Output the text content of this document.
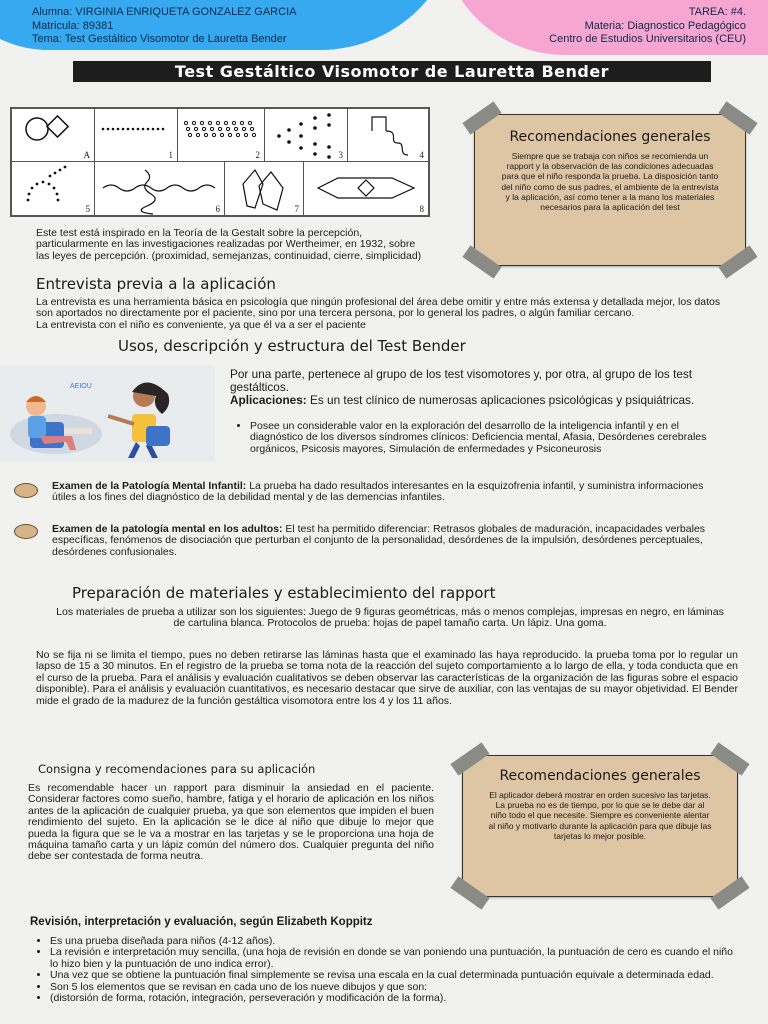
Alumna: VIRGINIA ENRIQUETA GONZALEZ GARCIA
Matricula: 89381
Tema: Test Gestáltico Visomotor de Lauretta Bender
TAREA: #4.
Materia: Diagnostico Pedagógico
Centro de Estudios Universitarios (CEU)
Test Gestáltico Visomotor de Lauretta Bender
A	1	2	3	4
5	6	7	8
Este test está inspirado en la Teoría de la Gestalt sobre la percepción, particularmente en las investigaciones realizadas por Wertheimer, en 1932, sobre las leyes de percepción. (proximidad, semejanzas, continuidad, cierre, simplicidad)
Recomendaciones generales

Siempre que se trabaja con niños se recomienda un rapport y la observación de las condiciones adecuadas para que el niño responda la prueba. La disposición tanto del niño como de sus padres, el ambiente de la entrevista y la aplicación, así como tener a la mano los materiales necesarios para la aplicación del test

Entrevista previa a la aplicación
La entrevista es una herramienta básica en psicología que ningún profesional del área debe omitir y entre más extensa y detallada mejor, los datos son aportados no directamente por el paciente, sino por una tercera persona, por lo general los padres, o algún familiar cercano.
La entrevista con el niño es conveniente, ya que él va a ser el paciente
Usos, descripción y estructura del Test Bender
AEIOU
Por una parte, pertenece al grupo de los test visomotores y, por otra, al grupo de los test gestálticos.
Aplicaciones: Es un test clínico de numerosas aplicaciones psicológicas y psiquiátricas.
• Posee un considerable valor en la exploración del desarrollo de la inteligencia infantil y en el diagnóstico de los diversos síndromes clínicos: Deficiencia mental, Afasia, Desórdenes cerebrales orgánicos, Psicosis mayores, Simulación de enfermedades y Psiconeurosis
Examen de la Patología Mental Infantil: La prueba ha dado resultados interesantes en la esquizofrenia infantil, y suministra informaciones útiles a los fines del diagnóstico de la debilidad mental y de las demencias infantiles.
Examen de la patología mental en los adultos: El test ha permitido diferenciar: Retrasos globales de maduración, incapacidades verbales específicas, fenómenos de disociación que perturban el conjunto de la personalidad, desórdenes de la impulsión, desórdenes perceptuales, desórdenes confusionales.
Preparación de materiales y establecimiento del rapport
Los materiales de prueba a utilizar son los siguientes: Juego de 9 figuras geométricas, más o menos complejas, impresas en negro, en láminas de cartulina blanca. Protocolos de prueba: hojas de papel tamaño carta. Un lápiz. Una goma.
No se fija ni se limita el tiempo, pues no deben retirarse las láminas hasta que el examinado las haya reproducido. la prueba toma por lo regular un lapso de 15 a 30 minutos. En el registro de la prueba se toma nota de la reacción del sujeto comportamiento a lo largo de ella, y toda conducta que en el curso de la prueba. Para el análisis y evaluación cualitativos se deben observar las características de la organización de las figuras sobre el espacio disponible). Para el análisis y evaluación cuantitativos, es necesario destacar que sirve de auxiliar, con las ventajas de su mayor objetividad. El Bender mide el grado de la madurez de la función gestáltica visomotora entre los 4 y los 11 años.
Consigna y recomendaciones para su aplicación
Es recomendable hacer un rapport para disminuir la ansiedad en el paciente. Considerar factores como sueño, hambre, fatiga y el horario de aplicación en los niños antes de la aplicación de cualquier prueba, ya que son elementos que impiden el buen rendimiento del sujeto. En la aplicación se le dice al niño que dibuje lo mejor que pueda la figura que se le va a mostrar en las tarjetas y se le proporciona una hoja de máquina tamaño carta y un lápiz común del número dos. Cualquier pregunta del niño debe ser contestada de forma neutra.
Recomendaciones generales

El aplicador deberá mostrar en orden sucesivo las tarjetas. La prueba no es de tiempo, por lo que se le debe dar al niño todo el que necesite. Siempre es conveniente alentar al niño y motivarlo durante la aplicación para que dibuje las tarjetas lo mejor posible.

Revisión, interpretación y evaluación, según Elizabeth Koppitz
• Es una prueba diseñada para niños (4-12 años).
• La revisión e interpretación muy sencilla, (una hoja de revisión en donde se van poniendo una puntuación, la puntuación de cero es cuando el niño lo hizo bien y la puntuación de uno indica error).
• Una vez que se obtiene la puntuación final simplemente se revisa una escala en la cual determinada puntuación equivale a determinada edad.
• Son 5 los elementos que se revisan en cada uno de los nueve dibujos y que son:
• (distorsión de forma, rotación, integración, perseveración y modificación de la forma).
